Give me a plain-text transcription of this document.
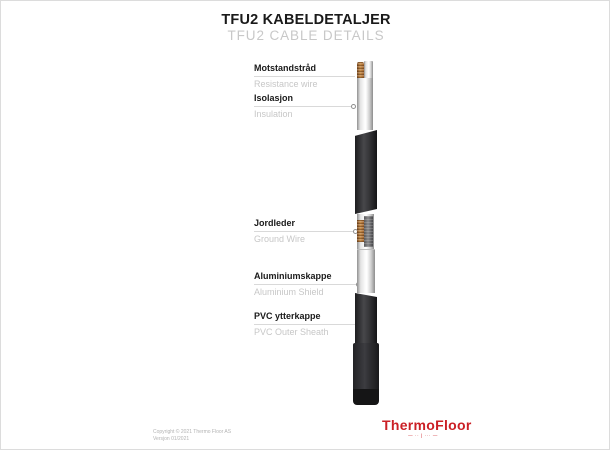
TFU2 KABELDETALJER
TFU2 CABLE DETAILS
Motstandstråd
Resistance wire
Isolasjon
Insulation
Jordleder
Ground Wire
Aluminiumskappe
Aluminium Shield
PVC ytterkappe
PVC Outer Sheath
Copyright © 2021 Thermo Floor AS
Versjon 01/2021
ThermoFloor
— ·· | ··· —
